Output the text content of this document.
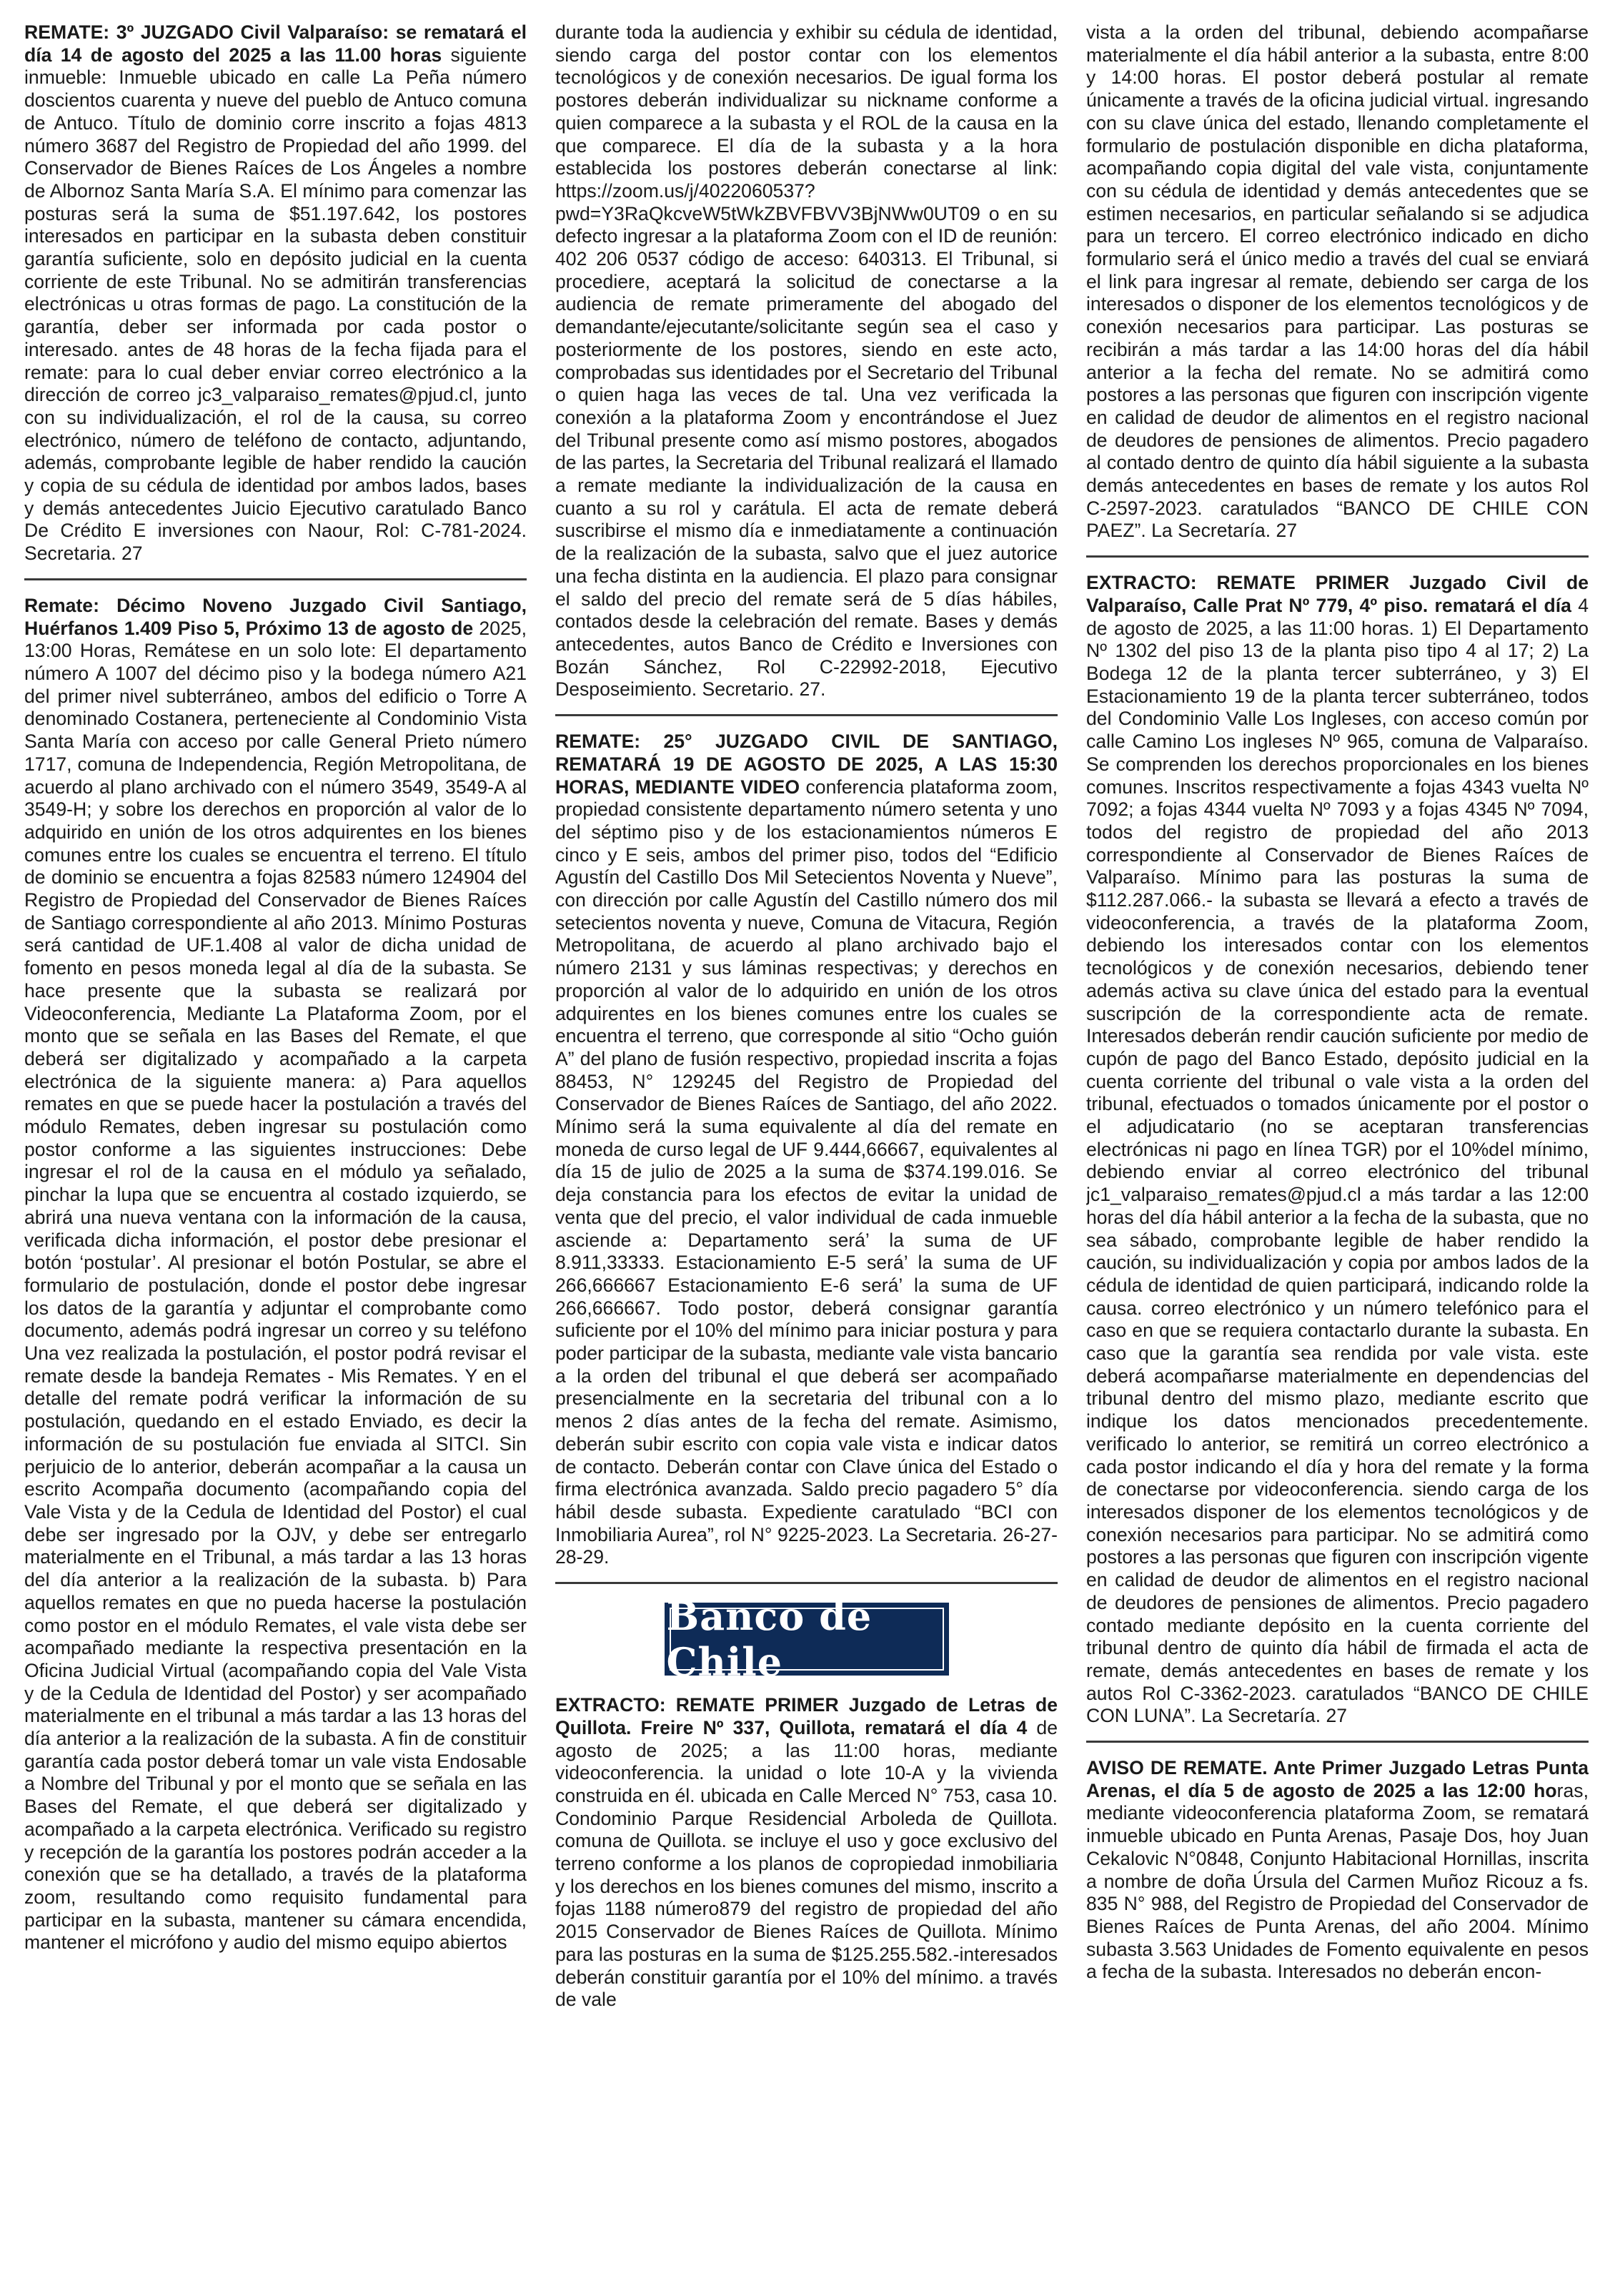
REMATE: 3º JUZGADO Civil Valparaíso: se rematará el día 14 de agosto del 2025 a las 11.00 horas siguiente inmueble: Inmueble ubicado en calle La Peña número doscientos cuarenta y nueve del pueblo de Antuco comuna de Antuco. Título de dominio corre inscrito a fojas 4813 número 3687 del Registro de Propiedad del año 1999. del Conservador de Bienes Raíces de Los Ángeles a nombre de Albornoz Santa María S.A. El mínimo para comenzar las posturas será la suma de $51.197.642, los postores interesados en participar en la subasta deben constituir garantía suficiente, solo en depósito judicial en la cuenta corriente de este Tribunal. No se admitirán transferencias electrónicas u otras formas de pago. La constitución de la garantía, deber ser informada por cada postor o interesado. antes de 48 horas de la fecha fijada para el remate: para lo cual deber enviar correo electrónico a la dirección de correo jc3_valparaiso_remates@pjud.cl, junto con su individualización, el rol de la causa, su correo electrónico, número de teléfono de contacto, adjuntando, además, comprobante legible de haber rendido la caución y copia de su cédula de identidad por ambos lados, bases y demás antecedentes Juicio Ejecutivo caratulado Banco De Crédito E inversiones con Naour, Rol: C-781-2024. Secretaria. 27

Remate: Décimo Noveno Juzgado Civil Santiago, Huérfanos 1.409 Piso 5, Próximo 13 de agosto de 2025, 13:00 Horas, Remátese en un solo lote: El departamento número A 1007 del décimo piso y la bodega número A21 del primer nivel subterráneo, ambos del edificio o Torre A denominado Costanera, perteneciente al Condominio Vista Santa María con acceso por calle General Prieto número 1717, comuna de Independencia, Región Metropolitana, de acuerdo al plano archivado con el número 3549, 3549-A al 3549-H; y sobre los derechos en proporción al valor de lo adquirido en unión de los otros adquirentes en los bienes comunes entre los cuales se encuentra el terreno. El título de dominio se encuentra a fojas 82583 número 124904 del Registro de Propiedad del Conservador de Bienes Raíces de Santiago correspondiente al año 2013. Mínimo Posturas será cantidad de UF.1.408 al valor de dicha unidad de fomento en pesos moneda legal al día de la subasta. Se hace presente que la subasta se realizará por Videoconferencia, Mediante La Plataforma Zoom, por el monto que se señala en las Bases del Remate, el que deberá ser digitalizado y acompañado a la carpeta electrónica de la siguiente manera: a) Para aquellos remates en que se puede hacer la postulación a través del módulo Remates, deben ingresar su postulación como postor conforme a las siguientes instrucciones: Debe ingresar el rol de la causa en el módulo ya señalado, pinchar la lupa que se encuentra al costado izquierdo, se abrirá una nueva ventana con la información de la causa, verificada dicha información, el postor debe presionar el botón ‘postular’. Al presionar el botón Postular, se abre el formulario de postulación, donde el postor debe ingresar los datos de la garantía y adjuntar el comprobante como documento, además podrá ingresar un correo y su teléfono Una vez realizada la postulación, el postor podrá revisar el remate desde la bandeja Remates - Mis Remates. Y en el detalle del remate podrá verificar la información de su postulación, quedando en el estado Enviado, es decir la información de su postulación fue enviada al SITCI. Sin perjuicio de lo anterior, deberán acompañar a la causa un escrito Acompaña documento (acompañando copia del Vale Vista y de la Cedula de Identidad del Postor) el cual debe ser ingresado por la OJV, y debe ser entregarlo materialmente en el Tribunal, a más tardar a las 13 horas del día anterior a la realización de la subasta. b) Para aquellos remates en que no pueda hacerse la postulación como postor en el módulo Remates, el vale vista debe ser acompañado mediante la respectiva presentación en la Oficina Judicial Virtual (acompañando copia del Vale Vista y de la Cedula de Identidad del Postor) y ser acompañado materialmente en el tribunal a más tardar a las 13 horas del día anterior a la realización de la subasta. A fin de constituir garantía cada postor deberá tomar un vale vista Endosable a Nombre del Tribunal y por el monto que se señala en las Bases del Remate, el que deberá ser digitalizado y acompañado a la carpeta electrónica. Verificado su registro y recepción de la garantía los postores podrán acceder a la conexión que se ha detallado, a través de la plataforma zoom, resultando como requisito fundamental para participar en la subasta, mantener su cámara encendida, mantener el micrófono y audio del mismo equipo abiertos

durante toda la audiencia y exhibir su cédula de identidad, siendo carga del postor contar con los elementos tecnológicos y de conexión necesarios. De igual forma los postores deberán individualizar su nickname conforme a quien comparece a la subasta y el ROL de la causa en la que comparece. El día de la subasta y a la hora establecida los postores deberán conectarse al link: https://zoom.us/j/4022060537?pwd=Y3RaQkcveW5tWkZBVFBVV3BjNWw0UT09 o en su defecto ingresar a la plataforma Zoom con el ID de reunión: 402 206 0537 código de acceso: 640313. El Tribunal, si procediere, aceptará la solicitud de conectarse a la audiencia de remate primeramente del abogado del demandante/ejecutante/solicitante según sea el caso y posteriormente de los postores, siendo en este acto, comprobadas sus identidades por el Secretario del Tribunal o quien haga las veces de tal. Una vez verificada la conexión a la plataforma Zoom y encontrándose el Juez del Tribunal presente como así mismo postores, abogados de las partes, la Secretaria del Tribunal realizará el llamado a remate mediante la individualización de la causa en cuanto a su rol y carátula. El acta de remate deberá suscribirse el mismo día e inmediatamente a continuación de la realización de la subasta, salvo que el juez autorice una fecha distinta en la audiencia. El plazo para consignar el saldo del precio del remate será de 5 días hábiles, contados desde la celebración del remate. Bases y demás antecedentes, autos Banco de Crédito e Inversiones con Bozán Sánchez, Rol C-22992-2018, Ejecutivo Desposeimiento. Secretario. 27.

REMATE: 25° JUZGADO CIVIL DE SANTIAGO, REMATARÁ 19 DE AGOSTO DE 2025, A LAS 15:30 HORAS, MEDIANTE VIDEO conferencia plataforma zoom, propiedad consistente departamento número setenta y uno del séptimo piso y de los estacionamientos números E cinco y E seis, ambos del primer piso, todos del “Edificio Agustín del Castillo Dos Mil Setecientos Noventa y Nueve”, con dirección por calle Agustín del Castillo número dos mil setecientos noventa y nueve, Comuna de Vitacura, Región Metropolitana, de acuerdo al plano archivado bajo el número 2131 y sus láminas respectivas; y derechos en proporción al valor de lo adquirido en unión de los otros adquirentes en los bienes comunes entre los cuales se encuentra el terreno, que corresponde al sitio “Ocho guión A” del plano de fusión respectivo, propiedad inscrita a fojas 88453, N° 129245 del Registro de Propiedad del Conservador de Bienes Raíces de Santiago, del año 2022. Mínimo será la suma equivalente al día del remate en moneda de curso legal de UF 9.444,66667, equivalentes al día 15 de julio de 2025 a la suma de $374.199.016. Se deja constancia para los efectos de evitar la unidad de venta que del precio, el valor individual de cada inmueble asciende a: Departamento será’ la suma de UF 8.911,33333. Estacionamiento E-5 será’ la suma de UF 266,666667 Estacionamiento E-6 será’ la suma de UF 266,666667. Todo postor, deberá consignar garantía suficiente por el 10% del mínimo para iniciar postura y para poder participar de la subasta, mediante vale vista bancario a la orden del tribunal el que deberá ser acompañado presencialmente en la secretaria del tribunal con a lo menos 2 días antes de la fecha del remate. Asimismo, deberán subir escrito con copia vale vista e indicar datos de contacto. Deberán contar con Clave única del Estado o firma electrónica avanzada. Saldo precio pagadero 5° día hábil desde subasta. Expediente caratulado “BCI con Inmobiliaria Aurea”, rol N° 9225-2023. La Secretaria. 26-27-28-29.

Banco de Chile

EXTRACTO: REMATE PRIMER Juzgado de Letras de Quillota. Freire Nº 337, Quillota, rematará el día 4 de agosto de 2025; a las 11:00 horas, mediante videoconferencia. la unidad o lote 10-A y la vivienda construida en él. ubicada en Calle Merced N° 753, casa 10. Condominio Parque Residencial Arboleda de Quillota. comuna de Quillota. se incluye el uso y goce exclusivo del terreno conforme a los planos de copropiedad inmobiliaria y los derechos en los bienes comunes del mismo, inscrito a fojas 1188 número879 del registro de propiedad del año 2015 Conservador de Bienes Raíces de Quillota. Mínimo para las posturas en la suma de $125.255.582.-interesados deberán constituir garantía por el 10% del mínimo. a través de vale

vista a la orden del tribunal, debiendo acompañarse materialmente el día hábil anterior a la subasta, entre 8:00 y 14:00 horas. El postor deberá postular al remate únicamente a través de la oficina judicial virtual. ingresando con su clave única del estado, llenando completamente el formulario de postulación disponible en dicha plataforma, acompañando copia digital del vale vista, conjuntamente con su cédula de identidad y demás antecedentes que se estimen necesarios, en particular señalando si se adjudica para un tercero. El correo electrónico indicado en dicho formulario será el único medio a través del cual se enviará el link para ingresar al remate, debiendo ser carga de los interesados o disponer de los elementos tecnológicos y de conexión necesarios para participar. Las posturas se recibirán a más tardar a las 14:00 horas del día hábil anterior a la fecha del remate. No se admitirá como postores a las personas que figuren con inscripción vigente en calidad de deudor de alimentos en el registro nacional de deudores de pensiones de alimentos. Precio pagadero al contado dentro de quinto día hábil siguiente a la subasta demás antecedentes en bases de remate y los autos Rol C-2597-2023. caratulados “BANCO DE CHILE CON PAEZ”. La Secretaría. 27

EXTRACTO: REMATE PRIMER Juzgado Civil de Valparaíso, Calle Prat Nº 779, 4º piso. rematará el día 4 de agosto de 2025, a las 11:00 horas. 1) El Departamento Nº 1302 del piso 13 de la planta piso tipo 4 al 17; 2) La Bodega 12 de la planta tercer subterráneo, y 3) El Estacionamiento 19 de la planta tercer subterráneo, todos del Condominio Valle Los Ingleses, con acceso común por calle Camino Los ingleses Nº 965, comuna de Valparaíso. Se comprenden los derechos proporcionales en los bienes comunes. Inscritos respectivamente a fojas 4343 vuelta Nº 7092; a fojas 4344 vuelta Nº 7093 y a fojas 4345 Nº 7094, todos del registro de propiedad del año 2013 correspondiente al Conservador de Bienes Raíces de Valparaíso. Mínimo para las posturas la suma de $112.287.066.- la subasta se llevará a efecto a través de videoconferencia, a través de la plataforma Zoom, debiendo los interesados contar con los elementos tecnológicos y de conexión necesarios, debiendo tener además activa su clave única del estado para la eventual suscripción de la correspondiente acta de remate. Interesados deberán rendir caución suficiente por medio de cupón de pago del Banco Estado, depósito judicial en la cuenta corriente del tribunal o vale vista a la orden del tribunal, efectuados o tomados únicamente por el postor o el adjudicatario (no se aceptaran transferencias electrónicas ni pago en línea TGR) por el 10%del mínimo, debiendo enviar al correo electrónico del tribunal jc1_valparaiso_remates@pjud.cl a más tardar a las 12:00 horas del día hábil anterior a la fecha de la subasta, que no sea sábado, comprobante legible de haber rendido la caución, su individualización y copia por ambos lados de la cédula de identidad de quien participará, indicando rolde la causa. correo electrónico y un número telefónico para el caso en que se requiera contactarlo durante la subasta. En caso que la garantía sea rendida por vale vista. este deberá acompañarse materialmente en dependencias del tribunal dentro del mismo plazo, mediante escrito que indique los datos mencionados precedentemente. verificado lo anterior, se remitirá un correo electrónico a cada postor indicando el día y hora del remate y la forma de conectarse por videoconferencia. siendo carga de los interesados disponer de los elementos tecnológicos y de conexión necesarios para participar. No se admitirá como postores a las personas que figuren con inscripción vigente en calidad de deudor de alimentos en el registro nacional de deudores de pensiones de alimentos. Precio pagadero contado mediante depósito en la cuenta corriente del tribunal dentro de quinto día hábil de firmada el acta de remate, demás antecedentes en bases de remate y los autos Rol C-3362-2023. caratulados “BANCO DE CHILE CON LUNA”. La Secretaría. 27

AVISO DE REMATE. Ante Primer Juzgado Letras Punta Arenas, el día 5 de agosto de 2025 a las 12:00 horas, mediante videoconferencia plataforma Zoom, se rematará inmueble ubicado en Punta Arenas, Pasaje Dos, hoy Juan Cekalovic N°0848, Conjunto Habitacional Hornillas, inscrita a nombre de doña Úrsula del Carmen Muñoz Ricouz a fs. 835 N° 988, del Registro de Propiedad del Conservador de Bienes Raíces de Punta Arenas, del año 2004. Mínimo subasta 3.563 Unidades de Fomento equivalente en pesos a fecha de la subasta. Interesados no deberán encon-
